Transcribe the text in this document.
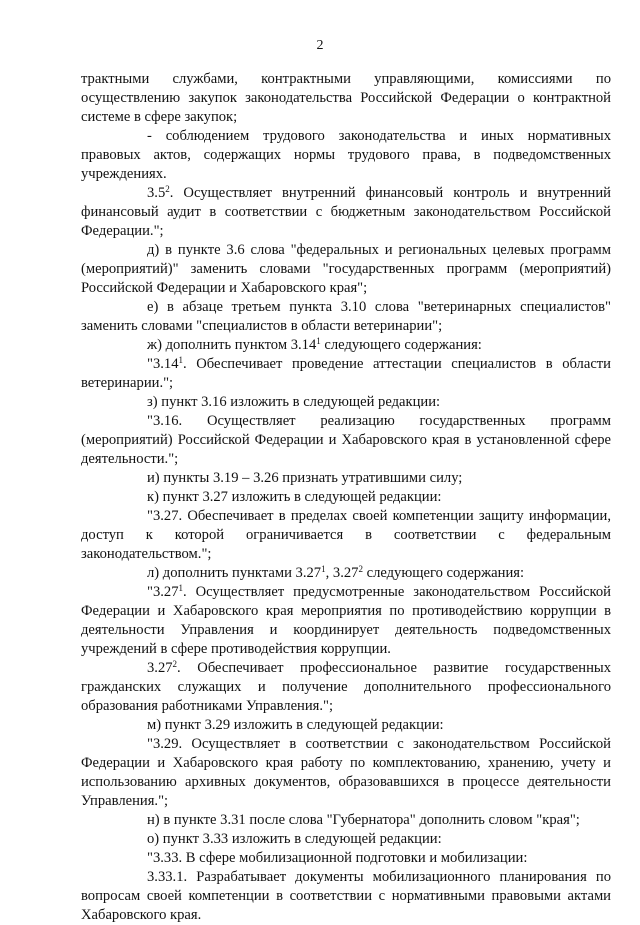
2

трактными службами, контрактными управляющими, комиссиями по осуществлению закупок законодательства Российской Федерации о контрактной системе в сфере закупок;

- соблюдением трудового законодательства и иных нормативных правовых актов, содержащих нормы трудового права, в подведомственных учреждениях.

$3.5^2$. Осуществляет внутренний финансовый контроль и внутренний финансовый аудит в соответствии с бюджетным законодательством Российской Федерации.";

д) в пункте 3.6 слова "федеральных и региональных целевых программ (мероприятий)" заменить словами "государственных программ (мероприятий) Российской Федерации и Хабаровского края";

е) в абзаце третьем пункта 3.10 слова "ветеринарных специалистов" заменить словами "специалистов в области ветеринарии";

ж) дополнить пунктом 3.14$^1$ следующего содержания:

"3.14$^1$. Обеспечивает проведение аттестации специалистов в области ветеринарии.";

з) пункт 3.16 изложить в следующей редакции:

"3.16. Осуществляет реализацию государственных программ (мероприятий) Российской Федерации и Хабаровского края в установленной сфере деятельности.";

и) пункты 3.19 – 3.26 признать утратившими силу;

к) пункт 3.27 изложить в следующей редакции:

"3.27. Обеспечивает в пределах своей компетенции защиту информации, доступ к которой ограничивается в соответствии с федеральным законодательством.";

л) дополнить пунктами 3.27$^1$, 3.27$^2$ следующего содержания:

"3.27$^1$. Осуществляет предусмотренные законодательством Российской Федерации и Хабаровского края мероприятия по противодействию коррупции в деятельности Управления и координирует деятельность подведомственных учреждений в сфере противодействия коррупции.

3.27$^2$. Обеспечивает профессиональное развитие государственных гражданских служащих и получение дополнительного профессионального образования работниками Управления.";

м) пункт 3.29 изложить в следующей редакции:

"3.29. Осуществляет в соответствии с законодательством Российской Федерации и Хабаровского края работу по комплектованию, хранению, учету и использованию архивных документов, образовавшихся в процессе деятельности Управления.";

н) в пункте 3.31 после слова "Губернатора" дополнить словом "края";

о) пункт 3.33 изложить в следующей редакции:

"3.33. В сфере мобилизационной подготовки и мобилизации:

3.33.1. Разрабатывает документы мобилизационного планирования по вопросам своей компетенции в соответствии с нормативными правовыми актами Хабаровского края.
